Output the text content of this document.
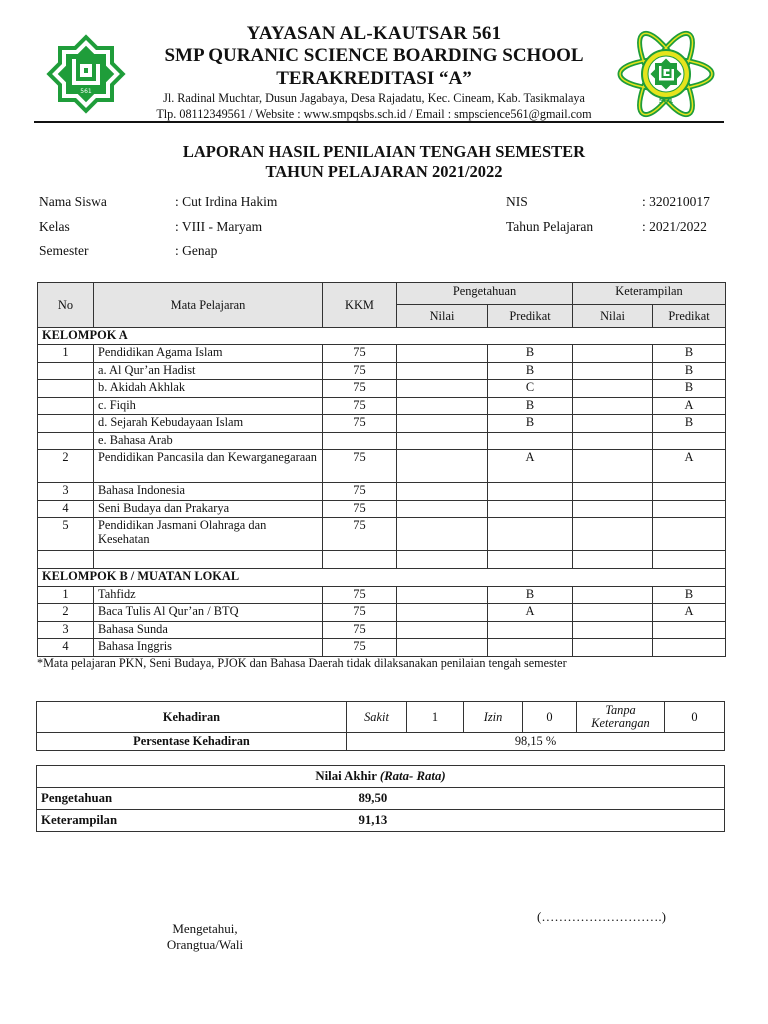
561
YAYASAN AL-KAUTSAR 561
SMP QURANIC SCIENCE BOARDING SCHOOL
TERAKREDITASI “A”
Jl. Radinal Muchtar, Dusun Jagabaya, Desa Rajadatu, Kec. Cineam, Kab. Tasikmalaya
Tlp. 08112349561 / Website : www.smpqsbs.sch.id / Email : smpscience561@gmail.com
561
LAPORAN HASIL PENILAIAN TENGAH SEMESTER
TAHUN PELAJARAN 2021/2022
Nama Siswa	: Cut Irdina Hakim
Kelas	: VIII - Maryam
Semester	: Genap
NIS	: 320210017
Tahun Pelajaran	: 2021/2022
No	Mata Pelajaran	KKM	Pengetahuan		Keterampilan	
			Nilai	Predikat	Nilai	Predikat
KELOMPOK A						
1	Pendidikan Agama Islam	75		B		B
	a. Al Qur’an Hadist	75		B		B
	b. Akidah Akhlak	75		C		B
	c. Fiqih	75		B		A
	d. Sejarah Kebudayaan Islam	75		B		B
	e. Bahasa Arab					
2	Pendidikan Pancasila dan Kewarganegaraan	75		A		A
3	Bahasa Indonesia	75				
4	Seni Budaya dan Prakarya	75				
5	Pendidikan Jasmani Olahraga dan Kesehatan	75				

KELOMPOK B / MUATAN LOKAL						
1	Tahfidz	75		B		B
2	Baca Tulis Al Qur’an / BTQ	75		A		A
3	Bahasa Sunda	75				
4	Bahasa Inggris	75				
*Mata pelajaran PKN, Seni Budaya, PJOK dan Bahasa Daerah tidak dilaksanakan penilaian tengah semester
Kehadiran	Sakit	1	Izin	0	Tanpa Keterangan	0
Persentase Kehadiran	98,15 %					
Nilai Akhir (Rata- Rata)	
Pengetahuan	89,50
Keterampilan	91,13
Mengetahui,
Orangtua/Wali
(……………………….)
